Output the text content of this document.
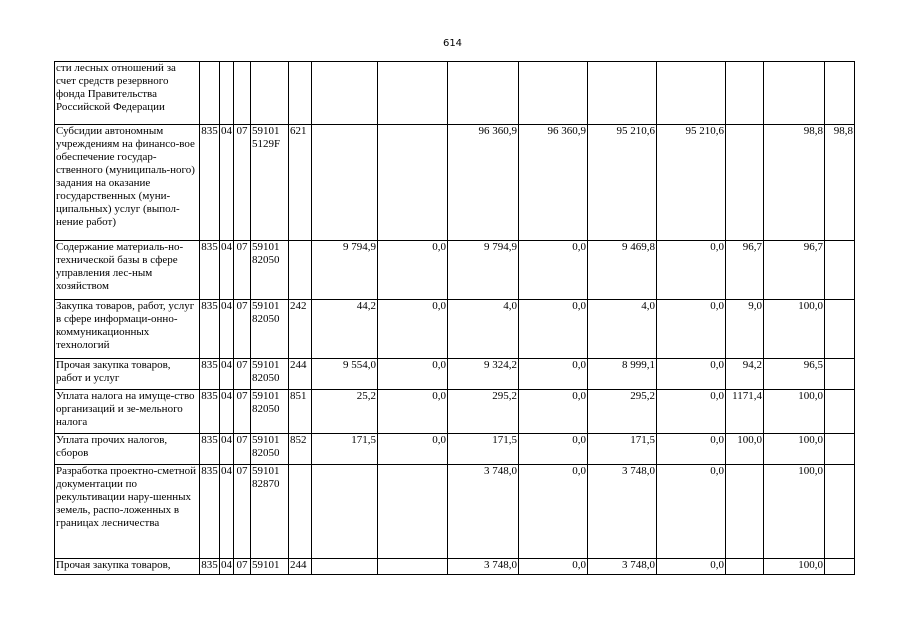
614
сти лесных отношений за счет средств резервного фонда Правительства Российской Федерации														
Субсидии автономным учреждениям на финансо-вое обеспечение государ-ственного (муниципаль-ного) задания на оказание государственных (муни-ципальных) услуг (выпол-нение работ)	835	04	07	59101 5129F	621			96 360,9	96 360,9	95 210,6	95 210,6		98,8	98,8
Содержание материаль-но-технической базы в сфере управления лес-ным хозяйством	835	04	07	59101 82050		9 794,9	0,0	9 794,9	0,0	9 469,8	0,0	96,7	96,7	
Закупка товаров, работ, услуг в сфере информаци-онно-коммуникационных технологий	835	04	07	59101 82050	242	44,2	0,0	4,0	0,0	4,0	0,0	9,0	100,0	
Прочая закупка товаров, работ и услуг	835	04	07	59101 82050	244	9 554,0	0,0	9 324,2	0,0	8 999,1	0,0	94,2	96,5	
Уплата налога на имуще-ство организаций и зе-мельного налога	835	04	07	59101 82050	851	25,2	0,0	295,2	0,0	295,2	0,0	1171,4	100,0	
Уплата прочих налогов, сборов	835	04	07	59101 82050	852	171,5	0,0	171,5	0,0	171,5	0,0	100,0	100,0	
Разработка проектно-сметной документации по рекультивации нару-шенных земель, распо-ложенных в границах лесничества	835	04	07	59101 82870				3 748,0	0,0	3 748,0	0,0		100,0	
Прочая закупка товаров,	835	04	07	59101	244			3 748,0	0,0	3 748,0	0,0		100,0	
